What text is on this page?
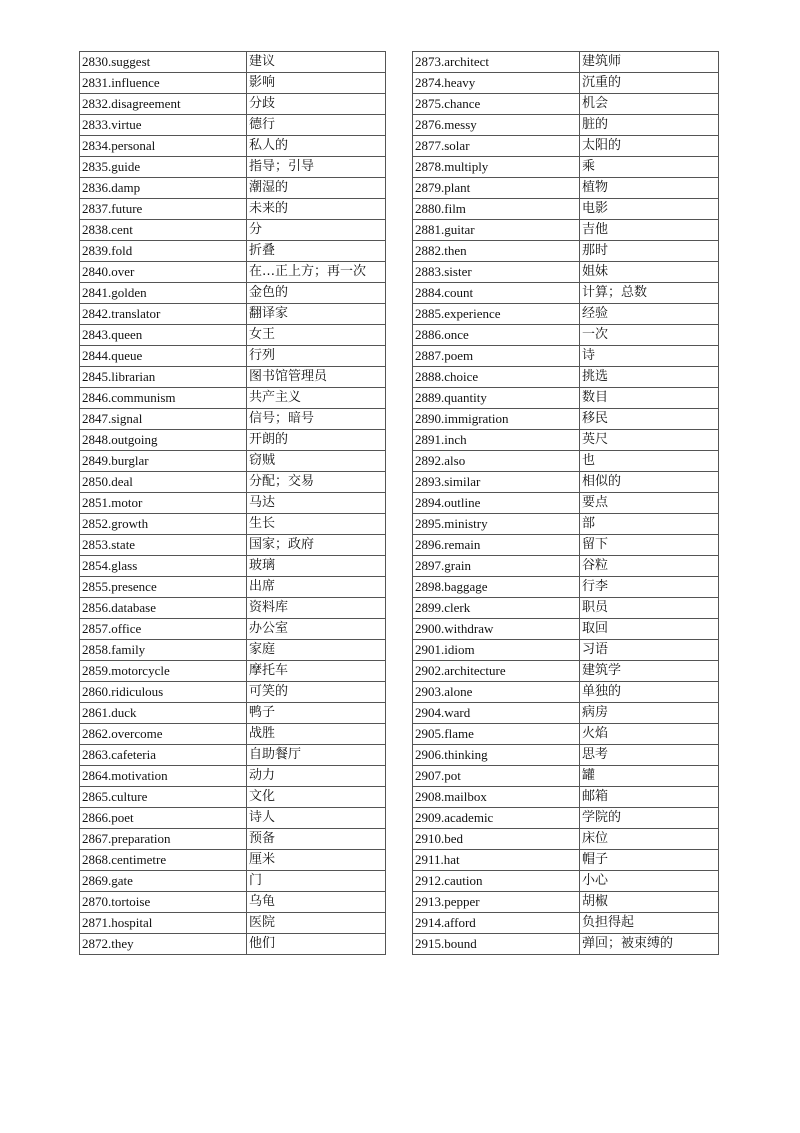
2830.suggest	建议
2831.influence	影响
2832.disagreement	分歧
2833.virtue	德行
2834.personal	私人的
2835.guide	指导；引导
2836.damp	潮湿的
2837.future	未来的
2838.cent	分
2839.fold	折叠
2840.over	在…正上方；再一次
2841.golden	金色的
2842.translator	翻译家
2843.queen	女王
2844.queue	行列
2845.librarian	图书馆管理员
2846.communism	共产主义
2847.signal	信号；暗号
2848.outgoing	开朗的
2849.burglar	窃贼
2850.deal	分配；交易
2851.motor	马达
2852.growth	生长
2853.state	国家；政府
2854.glass	玻璃
2855.presence	出席
2856.database	资料库
2857.office	办公室
2858.family	家庭
2859.motorcycle	摩托车
2860.ridiculous	可笑的
2861.duck	鸭子
2862.overcome	战胜
2863.cafeteria	自助餐厅
2864.motivation	动力
2865.culture	文化
2866.poet	诗人
2867.preparation	预备
2868.centimetre	厘米
2869.gate	门
2870.tortoise	乌龟
2871.hospital	医院
2872.they	他们
2873.architect	建筑师
2874.heavy	沉重的
2875.chance	机会
2876.messy	脏的
2877.solar	太阳的
2878.multiply	乘
2879.plant	植物
2880.film	电影
2881.guitar	吉他
2882.then	那时
2883.sister	姐妹
2884.count	计算；总数
2885.experience	经验
2886.once	一次
2887.poem	诗
2888.choice	挑选
2889.quantity	数目
2890.immigration	移民
2891.inch	英尺
2892.also	也
2893.similar	相似的
2894.outline	要点
2895.ministry	部
2896.remain	留下
2897.grain	谷粒
2898.baggage	行李
2899.clerk	职员
2900.withdraw	取回
2901.idiom	习语
2902.architecture	建筑学
2903.alone	单独的
2904.ward	病房
2905.flame	火焰
2906.thinking	思考
2907.pot	罐
2908.mailbox	邮箱
2909.academic	学院的
2910.bed	床位
2911.hat	帽子
2912.caution	小心
2913.pepper	胡椒
2914.afford	负担得起
2915.bound	弹回；被束缚的
